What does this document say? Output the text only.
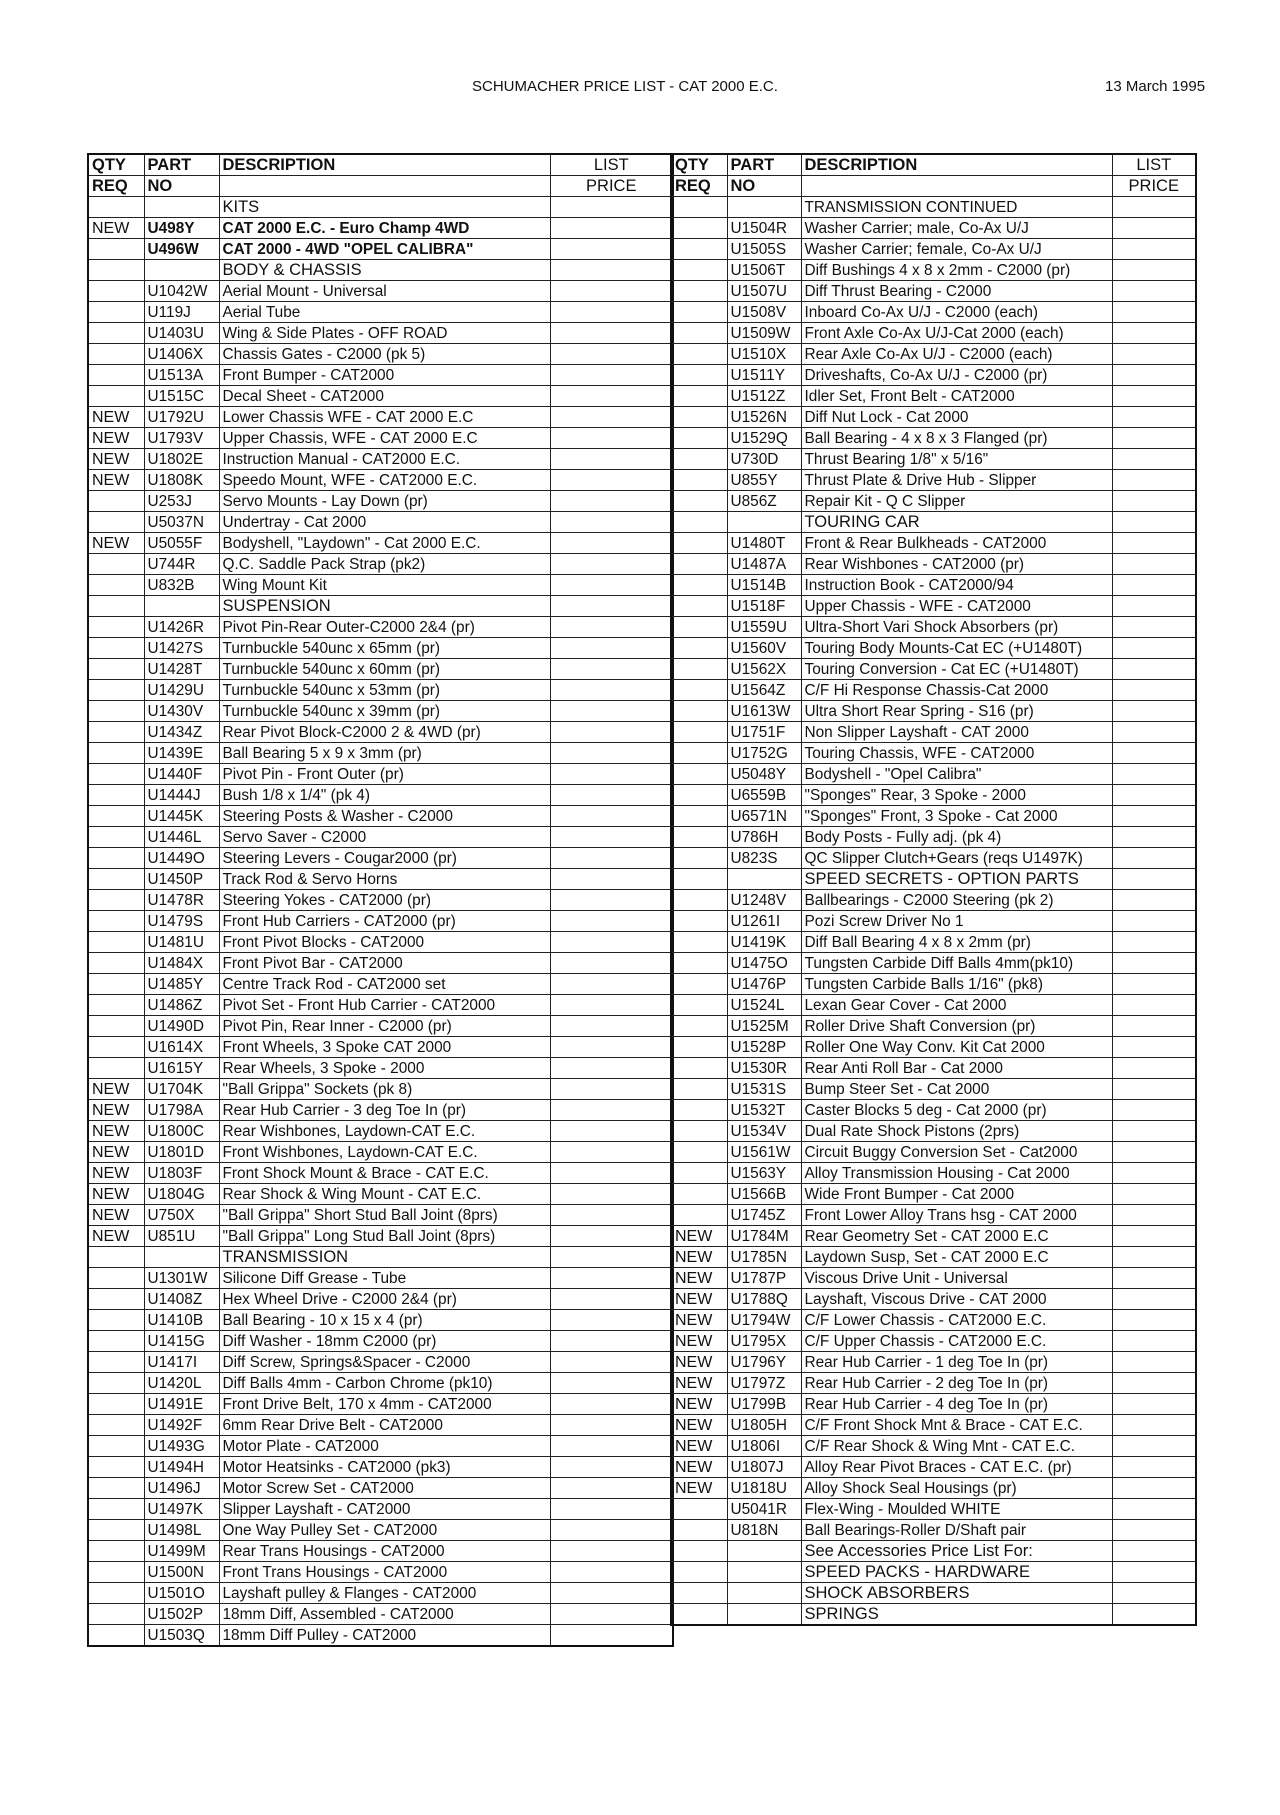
SCHUMACHER PRICE LIST - CAT 2000 E.C.	13 March 1995
QTY	PART	DESCRIPTION	LIST
REQ	NO		PRICE
		KITS	
NEW	U498Y	CAT 2000 E.C. - Euro Champ 4WD	
	U496W	CAT 2000 - 4WD "OPEL CALIBRA"	
		BODY & CHASSIS	
	U1042W	Aerial Mount - Universal	
	U119J	Aerial Tube	
	U1403U	Wing & Side Plates - OFF ROAD	
	U1406X	Chassis Gates - C2000 (pk 5)	
	U1513A	Front Bumper - CAT2000	
	U1515C	Decal Sheet - CAT2000	
NEW	U1792U	Lower Chassis WFE - CAT 2000 E.C	
NEW	U1793V	Upper Chassis, WFE - CAT 2000 E.C	
NEW	U1802E	Instruction Manual - CAT2000 E.C.	
NEW	U1808K	Speedo Mount, WFE - CAT2000 E.C.	
	U253J	Servo Mounts - Lay Down (pr)	
	U5037N	Undertray - Cat 2000	
NEW	U5055F	Bodyshell, "Laydown" - Cat 2000 E.C.	
	U744R	Q.C. Saddle Pack Strap (pk2)	
	U832B	Wing Mount Kit	
		SUSPENSION	
	U1426R	Pivot Pin-Rear Outer-C2000 2&4 (pr)	
	U1427S	Turnbuckle 540unc x 65mm (pr)	
	U1428T	Turnbuckle 540unc x 60mm (pr)	
	U1429U	Turnbuckle 540unc x 53mm (pr)	
	U1430V	Turnbuckle 540unc x 39mm (pr)	
	U1434Z	Rear Pivot Block-C2000 2 & 4WD (pr)	
	U1439E	Ball Bearing 5 x 9 x 3mm (pr)	
	U1440F	Pivot Pin - Front Outer (pr)	
	U1444J	Bush 1/8 x 1/4" (pk 4)	
	U1445K	Steering Posts & Washer - C2000	
	U1446L	Servo Saver - C2000	
	U1449O	Steering Levers - Cougar2000 (pr)	
	U1450P	Track Rod & Servo Horns	
	U1478R	Steering Yokes - CAT2000 (pr)	
	U1479S	Front Hub Carriers - CAT2000 (pr)	
	U1481U	Front Pivot Blocks - CAT2000	
	U1484X	Front Pivot Bar - CAT2000	
	U1485Y	Centre Track Rod - CAT2000 set	
	U1486Z	Pivot Set - Front Hub Carrier - CAT2000	
	U1490D	Pivot Pin, Rear Inner - C2000 (pr)	
	U1614X	Front Wheels, 3 Spoke CAT 2000	
	U1615Y	Rear Wheels, 3 Spoke - 2000	
NEW	U1704K	"Ball Grippa" Sockets (pk 8)	
NEW	U1798A	Rear Hub Carrier - 3 deg Toe In (pr)	
NEW	U1800C	Rear Wishbones, Laydown-CAT E.C.	
NEW	U1801D	Front Wishbones, Laydown-CAT E.C.	
NEW	U1803F	Front Shock Mount & Brace - CAT E.C.	
NEW	U1804G	Rear Shock & Wing Mount - CAT E.C.	
NEW	U750X	"Ball Grippa" Short Stud Ball Joint (8prs)	
NEW	U851U	"Ball Grippa" Long Stud Ball Joint (8prs)	
		TRANSMISSION	
	U1301W	Silicone Diff Grease - Tube	
	U1408Z	Hex Wheel Drive - C2000 2&4 (pr)	
	U1410B	Ball Bearing - 10 x 15 x 4 (pr)	
	U1415G	Diff Washer - 18mm C2000 (pr)	
	U1417I	Diff Screw, Springs&Spacer - C2000	
	U1420L	Diff Balls 4mm - Carbon Chrome (pk10)	
	U1491E	Front Drive Belt, 170 x 4mm - CAT2000	
	U1492F	6mm Rear Drive Belt - CAT2000	
	U1493G	Motor Plate - CAT2000	
	U1494H	Motor Heatsinks - CAT2000 (pk3)	
	U1496J	Motor Screw Set - CAT2000	
	U1497K	Slipper Layshaft - CAT2000	
	U1498L	One Way Pulley Set - CAT2000	
	U1499M	Rear Trans Housings - CAT2000	
	U1500N	Front Trans Housings - CAT2000	
	U1501O	Layshaft pulley & Flanges - CAT2000	
	U1502P	18mm Diff, Assembled - CAT2000	
	U1503Q	18mm Diff Pulley - CAT2000	
QTY	PART	DESCRIPTION	LIST
REQ	NO		PRICE
		TRANSMISSION CONTINUED	
	U1504R	Washer Carrier; male, Co-Ax U/J	
	U1505S	Washer Carrier; female, Co-Ax U/J	
	U1506T	Diff Bushings 4 x 8 x 2mm - C2000 (pr)	
	U1507U	Diff Thrust Bearing - C2000	
	U1508V	Inboard Co-Ax U/J - C2000 (each)	
	U1509W	Front Axle Co-Ax U/J-Cat 2000 (each)	
	U1510X	Rear Axle Co-Ax U/J - C2000 (each)	
	U1511Y	Driveshafts, Co-Ax U/J - C2000 (pr)	
	U1512Z	Idler Set, Front Belt - CAT2000	
	U1526N	Diff Nut Lock - Cat 2000	
	U1529Q	Ball Bearing - 4 x 8 x 3 Flanged (pr)	
	U730D	Thrust Bearing 1/8" x 5/16"	
	U855Y	Thrust Plate & Drive Hub - Slipper	
	U856Z	Repair Kit - Q C Slipper	
		TOURING CAR	
	U1480T	Front & Rear Bulkheads - CAT2000	
	U1487A	Rear Wishbones - CAT2000 (pr)	
	U1514B	Instruction Book - CAT2000/94	
	U1518F	Upper Chassis - WFE - CAT2000	
	U1559U	Ultra-Short Vari Shock Absorbers (pr)	
	U1560V	Touring Body Mounts-Cat EC (+U1480T)	
	U1562X	Touring Conversion - Cat EC (+U1480T)	
	U1564Z	C/F Hi Response Chassis-Cat 2000	
	U1613W	Ultra Short Rear Spring - S16 (pr)	
	U1751F	Non Slipper Layshaft - CAT 2000	
	U1752G	Touring Chassis, WFE - CAT2000	
	U5048Y	Bodyshell - "Opel Calibra"	
	U6559B	"Sponges" Rear, 3 Spoke - 2000	
	U6571N	"Sponges" Front, 3 Spoke - Cat 2000	
	U786H	Body Posts - Fully adj. (pk 4)	
	U823S	QC Slipper Clutch+Gears (reqs U1497K)	
		SPEED SECRETS - OPTION PARTS	
	U1248V	Ballbearings - C2000 Steering (pk 2)	
	U1261I	Pozi Screw Driver No 1	
	U1419K	Diff Ball Bearing 4 x 8 x 2mm (pr)	
	U1475O	Tungsten Carbide Diff Balls 4mm(pk10)	
	U1476P	Tungsten Carbide Balls 1/16" (pk8)	
	U1524L	Lexan Gear Cover - Cat 2000	
	U1525M	Roller Drive Shaft Conversion (pr)	
	U1528P	Roller One Way Conv. Kit Cat 2000	
	U1530R	Rear Anti Roll Bar - Cat 2000	
	U1531S	Bump Steer Set - Cat 2000	
	U1532T	Caster Blocks 5 deg - Cat 2000 (pr)	
	U1534V	Dual Rate Shock Pistons (2prs)	
	U1561W	Circuit Buggy Conversion Set - Cat2000	
	U1563Y	Alloy Transmission Housing - Cat 2000	
	U1566B	Wide Front Bumper - Cat 2000	
	U1745Z	Front Lower Alloy Trans hsg - CAT 2000	
NEW	U1784M	Rear Geometry Set - CAT 2000 E.C	
NEW	U1785N	Laydown Susp, Set - CAT 2000 E.C	
NEW	U1787P	Viscous Drive Unit - Universal	
NEW	U1788Q	Layshaft, Viscous Drive - CAT 2000	
NEW	U1794W	C/F Lower Chassis - CAT2000 E.C.	
NEW	U1795X	C/F Upper Chassis - CAT2000 E.C.	
NEW	U1796Y	Rear Hub Carrier - 1 deg Toe In (pr)	
NEW	U1797Z	Rear Hub Carrier - 2 deg Toe In (pr)	
NEW	U1799B	Rear Hub Carrier - 4 deg Toe In (pr)	
NEW	U1805H	C/F Front Shock Mnt & Brace - CAT E.C.	
NEW	U1806I	C/F Rear Shock & Wing Mnt - CAT E.C.	
NEW	U1807J	Alloy Rear Pivot Braces - CAT E.C. (pr)	
NEW	U1818U	Alloy Shock Seal Housings (pr)	
	U5041R	Flex-Wing - Moulded WHITE	
	U818N	Ball Bearings-Roller D/Shaft pair	
		See Accessories Price List For:	
		SPEED PACKS - HARDWARE	
		SHOCK ABSORBERS	
		SPRINGS	
